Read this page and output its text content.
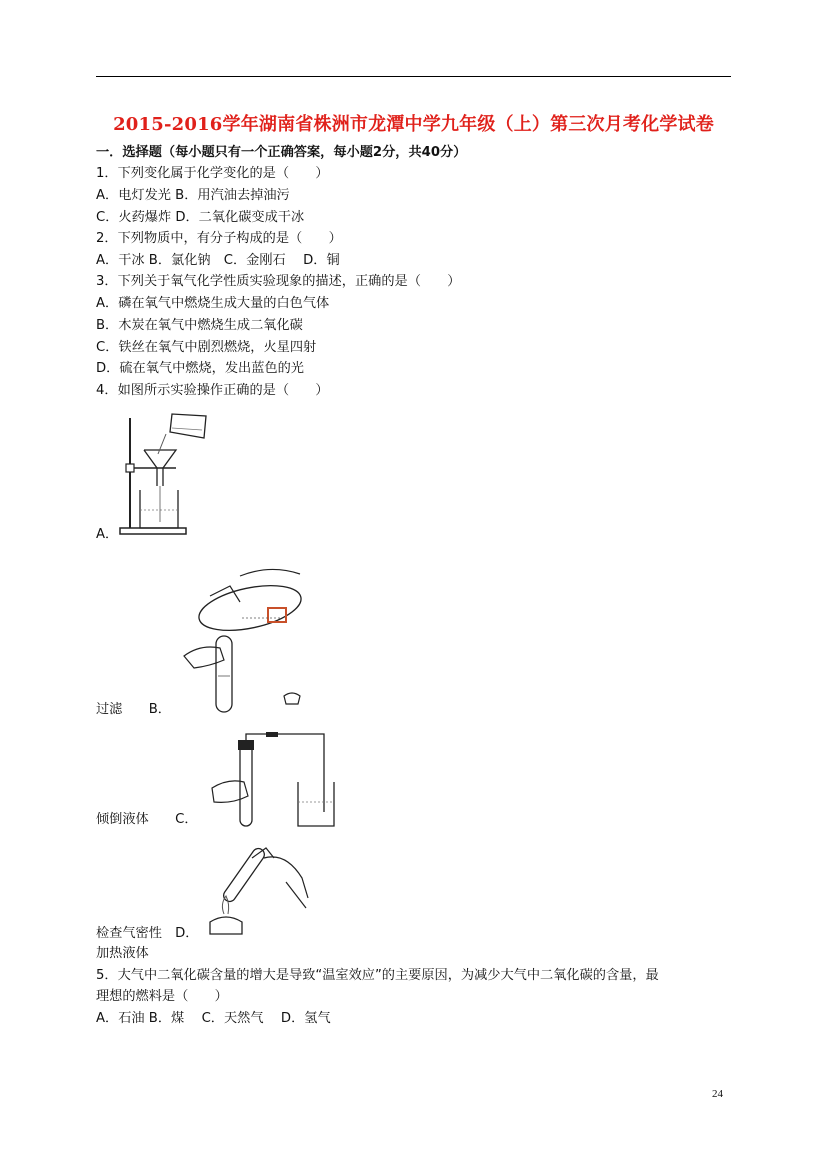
2015-2016学年湖南省株洲市龙潭中学九年级（上）第三次月考化学试卷
一．选择题（每小题只有一个正确答案，每小题2分，共40分）
1．下列变化属于化学变化的是（　　）
A．电灯发光 B．用汽油去掉油污
C．火药爆炸 D．二氧化碳变成干冰
2．下列物质中，有分子构成的是（　　）
A．干冰 B．氯化钠　C．金刚石　 D．铜
3．下列关于氧气化学性质实验现象的描述，正确的是（　　）
A．磷在氧气中燃烧生成大量的白色气体
B．木炭在氧气中燃烧生成二氧化碳
C．铁丝在氧气中剧烈燃烧，火星四射
D．硫在氧气中燃烧，发出蓝色的光
4．如图所示实验操作正确的是（　　）
A．
过滤　　B．
倾倒液体　　C．
检查气密性　D．
加热液体
5．大气中二氧化碳含量的增大是导致“温室效应”的主要原因，为减少大气中二氧化碳的含量，最
理想的燃料是（　　）
A．石油 B．煤　 C．天然气　 D．氢气
24
